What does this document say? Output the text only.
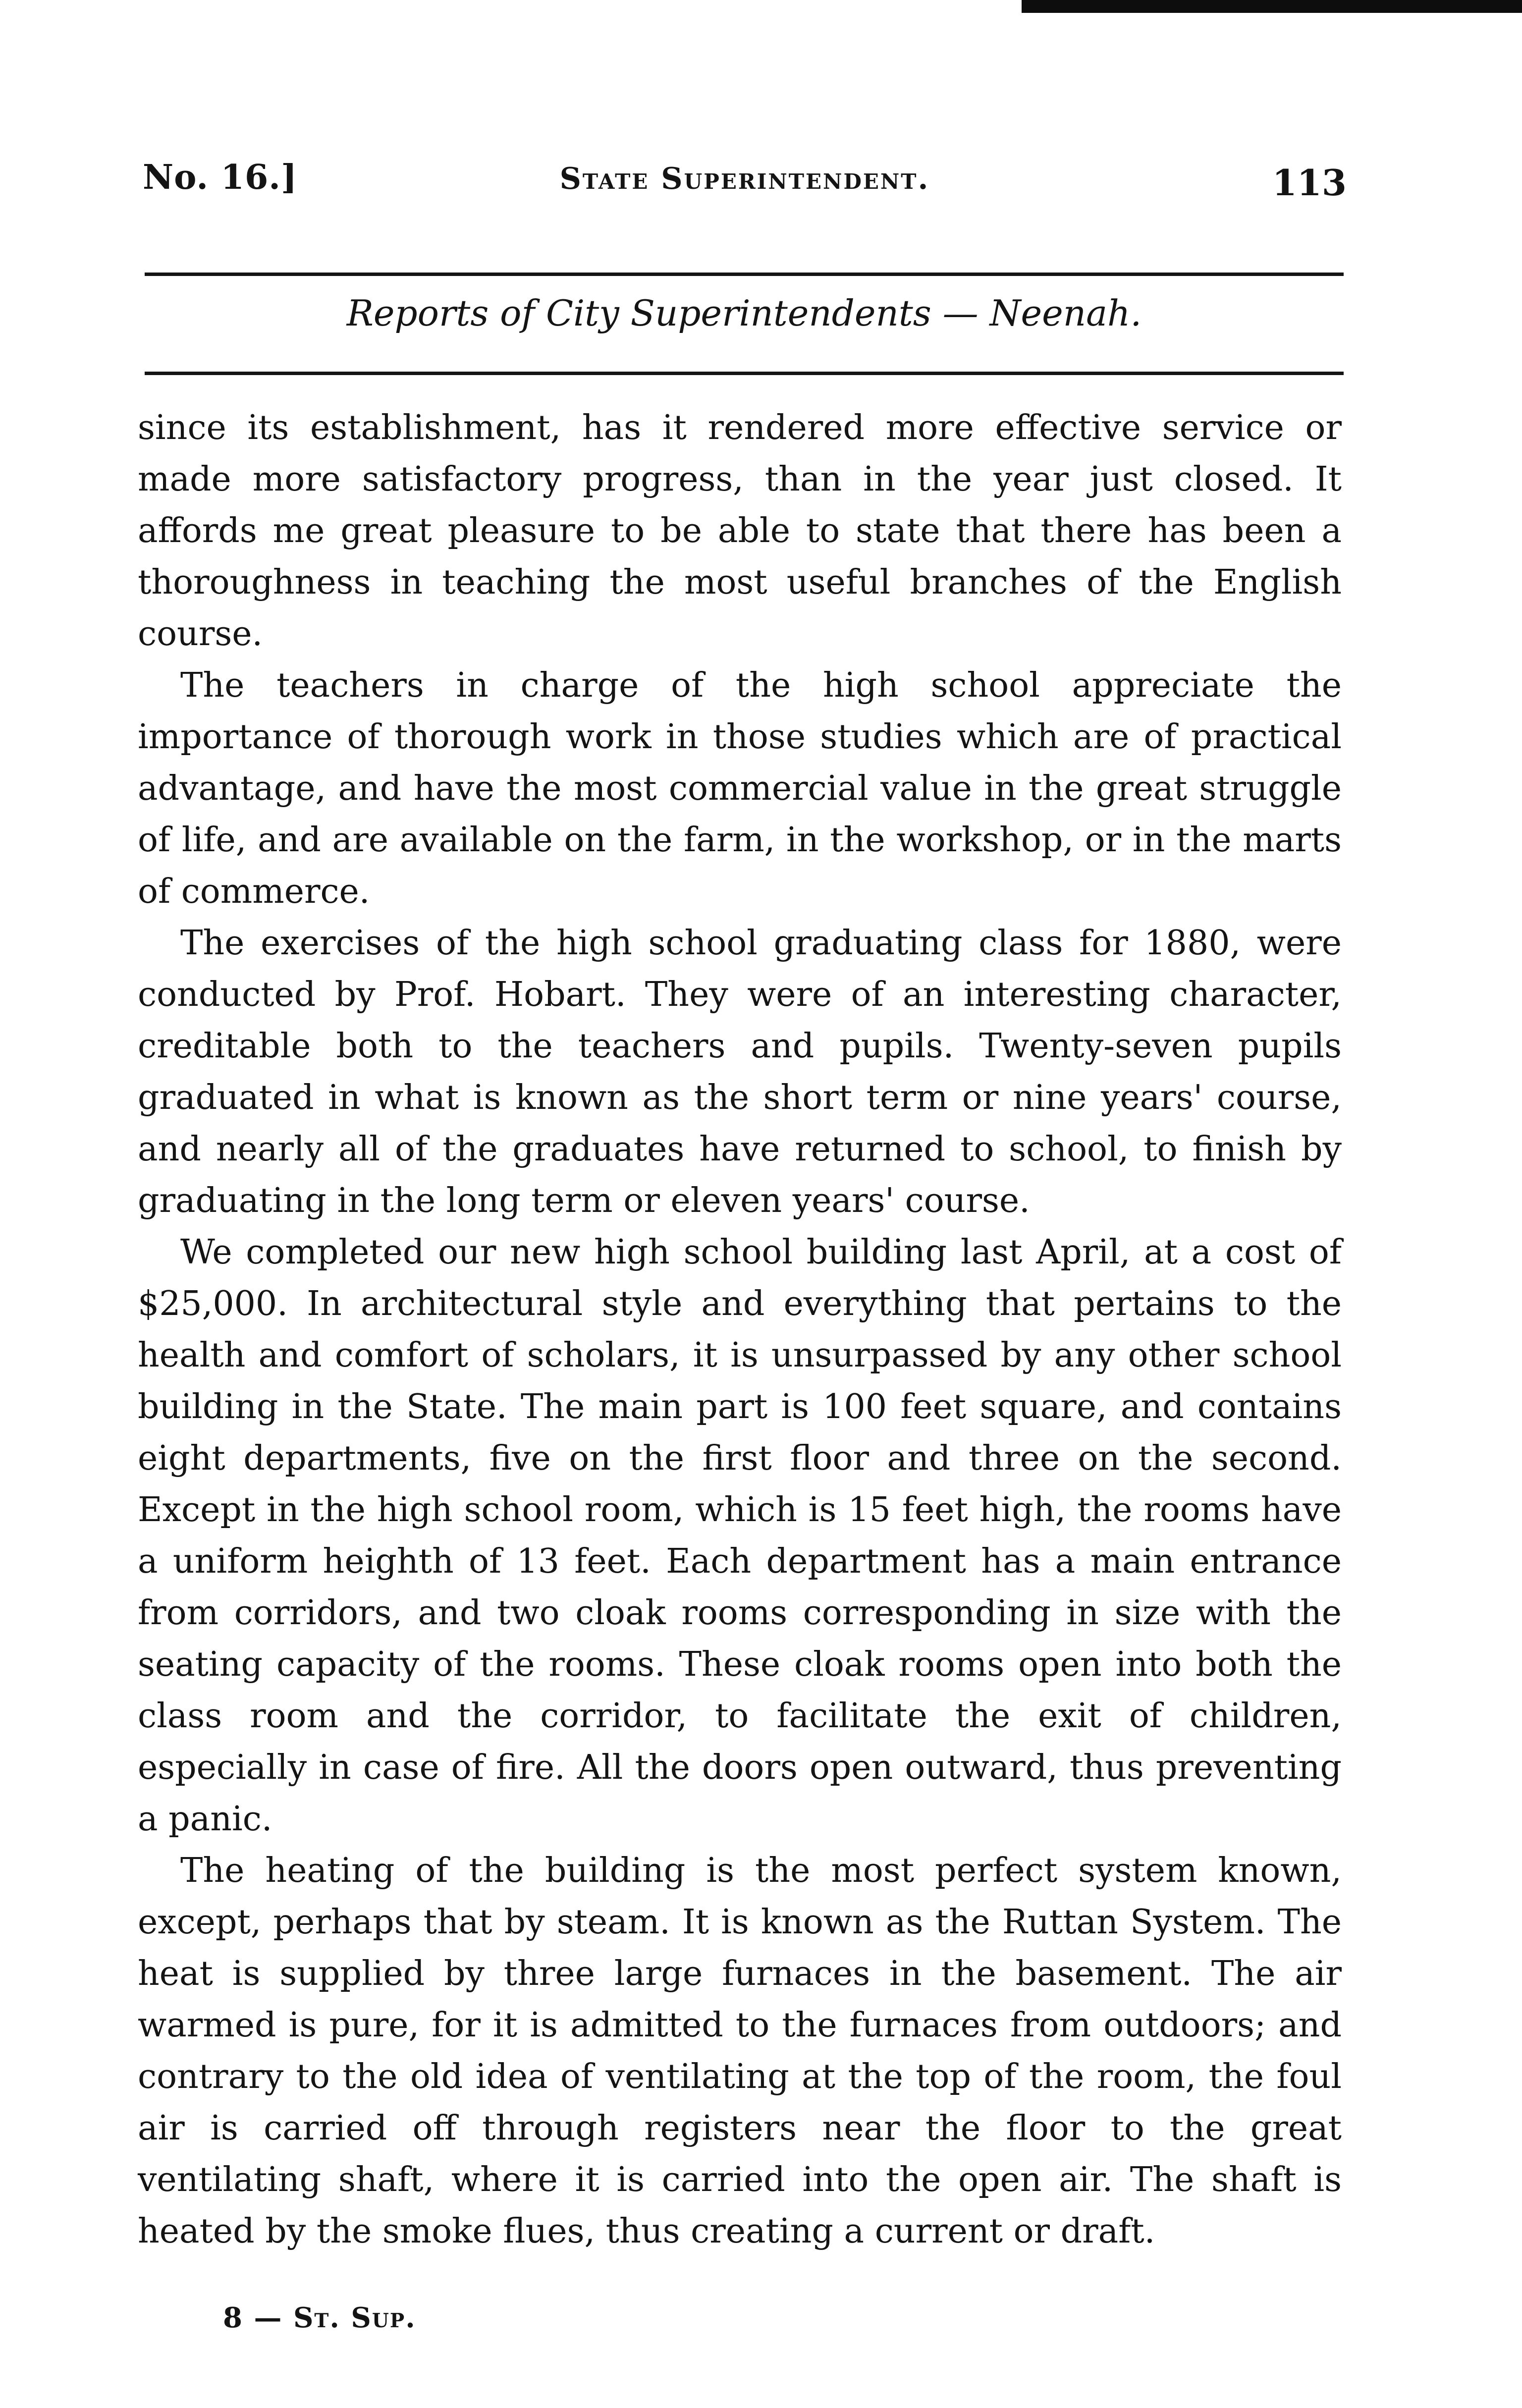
No. 16.]	State Superintendent.	113
Reports of City Superintendents — Neenah.

since its establishment, has it rendered more effective service or made more satisfactory progress, than in the year just closed. It affords me great pleasure to be able to state that there has been a thoroughness in teaching the most useful branches of the English course.

The teachers in charge of the high school appreciate the importance of thorough work in those studies which are of practical advantage, and have the most commercial value in the great struggle of life, and are available on the farm, in the workshop, or in the marts of commerce.

The exercises of the high school graduating class for 1880, were conducted by Prof. Hobart. They were of an interesting character, creditable both to the teachers and pupils. Twenty-seven pupils graduated in what is known as the short term or nine years' course, and nearly all of the graduates have returned to school, to finish by graduating in the long term or eleven years' course.

We completed our new high school building last April, at a cost of $25,000. In architectural style and everything that pertains to the health and comfort of scholars, it is unsurpassed by any other school building in the State. The main part is 100 feet square, and contains eight departments, five on the first floor and three on the second. Except in the high school room, which is 15 feet high, the rooms have a uniform heighth of 13 feet. Each department has a main entrance from corridors, and two cloak rooms corresponding in size with the seating capacity of the rooms. These cloak rooms open into both the class room and the corridor, to facilitate the exit of children, especially in case of fire. All the doors open outward, thus preventing a panic.

The heating of the building is the most perfect system known, except, perhaps that by steam. It is known as the Ruttan System. The heat is supplied by three large furnaces in the basement. The air warmed is pure, for it is admitted to the furnaces from outdoors; and contrary to the old idea of ventilating at the top of the room, the foul air is carried off through registers near the floor to the great ventilating shaft, where it is carried into the open air. The shaft is heated by the smoke flues, thus creating a current or draft.

8 — St. Sup.
